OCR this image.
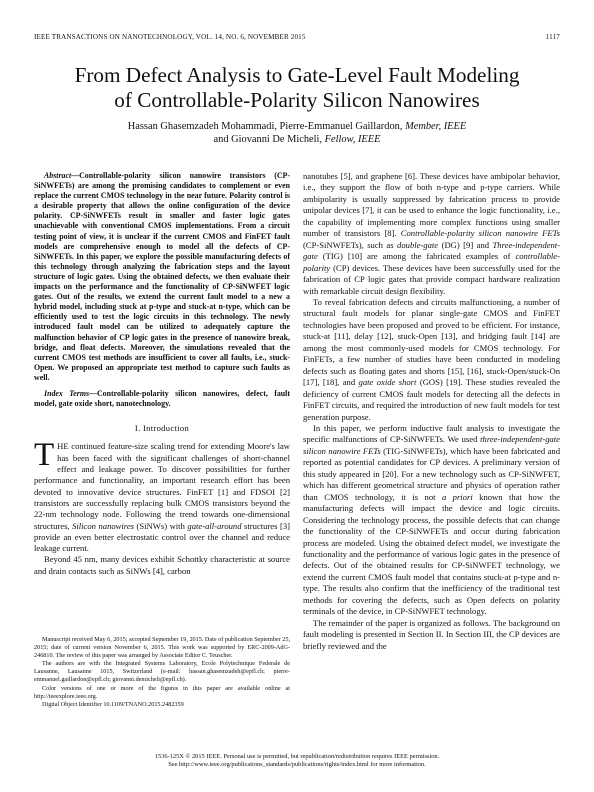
IEEE TRANSACTIONS ON NANOTECHNOLOGY, VOL. 14, NO. 6, NOVEMBER 2015	1117
From Defect Analysis to Gate-Level Fault Modeling
of Controllable-Polarity Silicon Nanowires
Hassan Ghasemzadeh Mohammadi, Pierre-Emmanuel Gaillardon, Member, IEEE
and Giovanni De Micheli, Fellow, IEEE

Abstract—Controllable-polarity silicon nanowire transistors (CP-SiNWFETs) are among the promising candidates to complement or even replace the current CMOS technology in the near future. Polarity control is a desirable property that allows the online configuration of the device polarity. CP-SiNWFETs result in smaller and faster logic gates unachievable with conventional CMOS implementations. From a circuit testing point of view, it is unclear if the current CMOS and FinFET fault models are comprehensive enough to model all the defects of CP-SiNWFETs. In this paper, we explore the possible manufacturing defects of this technology through analyzing the fabrication steps and the layout structure of logic gates. Using the obtained defects, we then evaluate their impacts on the performance and the functionality of CP-SiNWFET logic gates. Out of the results, we extend the current fault model to a new a hybrid model, including stuck at p-type and stuck-at n-type, which can be efficiently used to test the logic circuits in this technology. The newly introduced fault model can be utilized to adequately capture the malfunction behavior of CP logic gates in the presence of nanowire break, bridge, and float defects. Moreover, the simulations revealed that the current CMOS test methods are insufficient to cover all faults, i.e., stuck-Open. We proposed an appropriate test method to capture such faults as well.

Index Terms—Controllable-polarity silicon nanowires, defect, fault model, gate oxide short, nanotechnology.

I. Introduction

THE continued feature-size scaling trend for extending Moore's law has been faced with the significant challenges of short-channel effect and leakage power. To discover possibilities for further performance and functionality, an important research effort has been devoted to innovative device structures. FinFET [1] and FDSOI [2] transistors are successfully replacing bulk CMOS transistors beyond the 22-nm technology node. Following the trend towards one-dimensional structures, Silicon nanowires (SiNWs) with gate-all-around structures [3] provide an even better electrostatic control over the channel and reduce leakage current.

Beyond 45 nm, many devices exhibit Schottky characteristic at source and drain contacts such as SiNWs [4], carbon

nanotubes [5], and graphene [6]. These devices have ambipolar behavior, i.e., they support the flow of both n-type and p-type carriers. While ambipolarity is usually suppressed by fabrication process to provide unipolar devices [7], it can be used to enhance the logic functionality, i.e., the capability of implementing more complex functions using smaller number of transistors [8]. Controllable-polarity silicon nanowire FETs (CP-SiNWFETs), such as double-gate (DG) [9] and Three-independent-gate (TIG) [10] are among the fabricated examples of controllable-polarity (CP) devices. These devices have been successfully used for the fabrication of CP logic gates that provide compact hardware realization with remarkable circuit design flexibility.

To reveal fabrication defects and circuits malfunctioning, a number of structural fault models for planar single-gate CMOS and FinFET technologies have been proposed and proved to be efficient. For instance, stuck-at [11], delay [12], stuck-Open [13], and bridging fault [14] are among the most commonly-used models for CMOS technology. For FinFETs, a few number of studies have been conducted in modeling defects such as floating gates and shorts [15], [16], stuck-Open/stuck-On [17], [18], and gate oxide short (GOS) [19]. These studies revealed the deficiency of current CMOS fault models for detecting all the defects in FinFET circuits, and required the introduction of new fault models for test generation purpose.

In this paper, we perform inductive fault analysis to investigate the specific malfunctions of CP-SiNWFETs. We used three-independent-gate silicon nanowire FETs (TIG-SiNWFETs), which have been fabricated and reported as potential candidates for CP devices. A preliminary version of this study appeared in [20]. For a new technology such as CP-SiNWFET, which has different geometrical structure and physics of operation rather than CMOS technology, it is not a priori known that how the manufacturing defects will impact the device and logic circuits. Considering the technology process, the possible defects that can change the functionality of the CP-SiNWFETs and occur during fabrication process are modeled. Using the obtained defect model, we investigate the functionality and the performance of various logic gates in the presence of defects. Out of the obtained results for CP-SiNWFET technology, we extend the current CMOS fault model that contains stuck-at p-type and n-type. The results also confirm that the inefficiency of the traditional test methods for covering the defects, such as Open defects on polarity terminals of the device, in CP-SiNWFET technology.

The remainder of the paper is organized as follows. The background on fault modeling is presented in Section II. In Section III, the CP devices are briefly reviewed and the

Manuscript received May 6, 2015; accepted September 19, 2015. Date of publication September 25, 2015; date of current version November 6, 2015. This work was supported by ERC-2009-AdG-246810. The review of this paper was arranged by Associate Editor C. Teuscher.

The authors are with the Integrated Systems Laboratory, Ecole Polytechnique Federale de Lausanne, Lausanne 1015, Switzerland (e-mail: hassan.ghasemzadeh@epfl.ch; pierre-emmanuel.gaillardon@epfl.ch; giovanni.demicheli@epfl.ch).

Color versions of one or more of the figures in this paper are available online at http://ieeexplore.ieee.org.

Digital Object Identifier 10.1109/TNANO.2015.2482359

1536-125X © 2015 IEEE. Personal use is permitted, but republication/redistribution requires IEEE permission.
See http://www.ieee.org/publications_standards/publications/rights/index.html for more information.
